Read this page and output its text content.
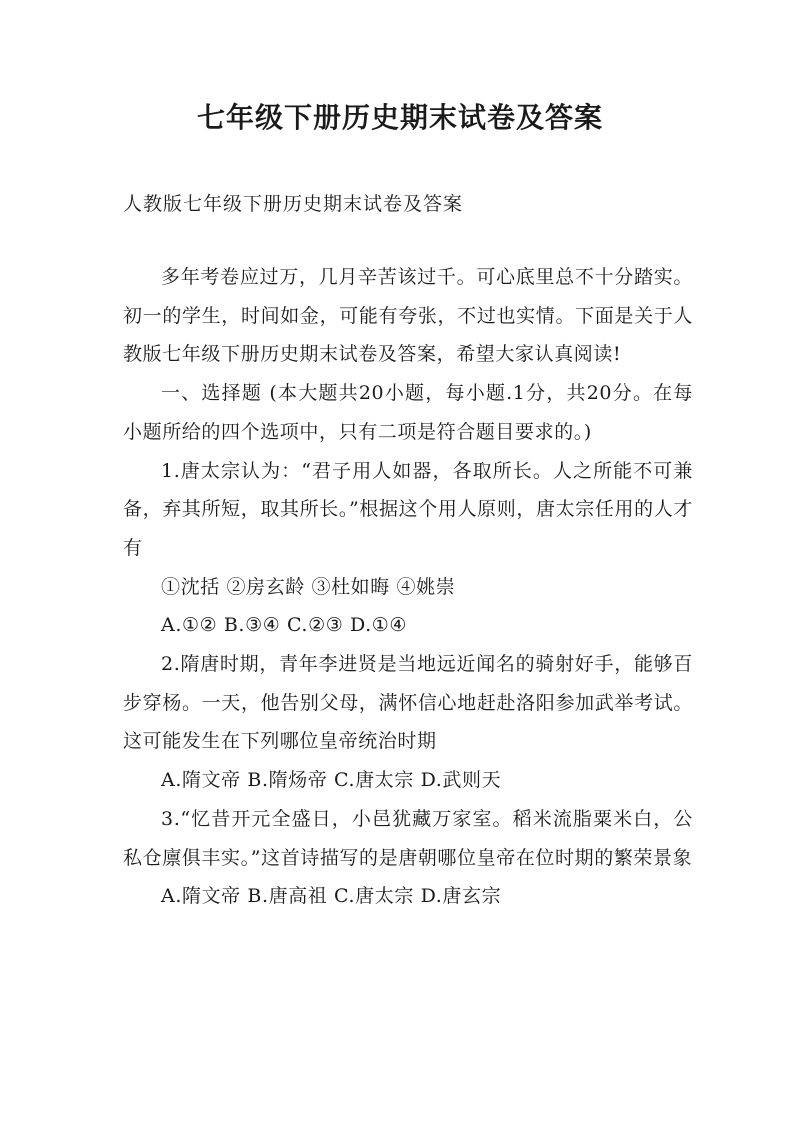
七年级下册历史期末试卷及答案
人教版七年级下册历史期末试卷及答案

多年考卷应过万，几月辛苦该过千。可心底里总不十分踏实。初一的学生，时间如金，可能有夸张，不过也实情。下面是关于人教版七年级下册历史期末试卷及答案，希望大家认真阅读!

一、选择题 (本大题共20小题，每小题.1分，共20分。在每小题所给的四个选项中，只有二项是符合题目要求的。)

1.唐太宗认为：“君子用人如器，各取所长。人之所能不可兼备，弃其所短，取其所长。”根据这个用人原则，唐太宗任用的人才有

①沈括 ②房玄龄 ③杜如晦 ④姚崇

A.①② B.③④ C.②③ D.①④

2.隋唐时期，青年李进贤是当地远近闻名的骑射好手，能够百步穿杨。一天，他告别父母，满怀信心地赶赴洛阳参加武举考试。这可能发生在下列哪位皇帝统治时期

A.隋文帝 B.隋炀帝 C.唐太宗 D.武则天

3.“忆昔开元全盛日，小邑犹藏万家室。稻米流脂粟米白，公私仓廪俱丰实。”这首诗描写的是唐朝哪位皇帝在位时期的繁荣景象

A.隋文帝 B.唐高祖 C.唐太宗 D.唐玄宗
